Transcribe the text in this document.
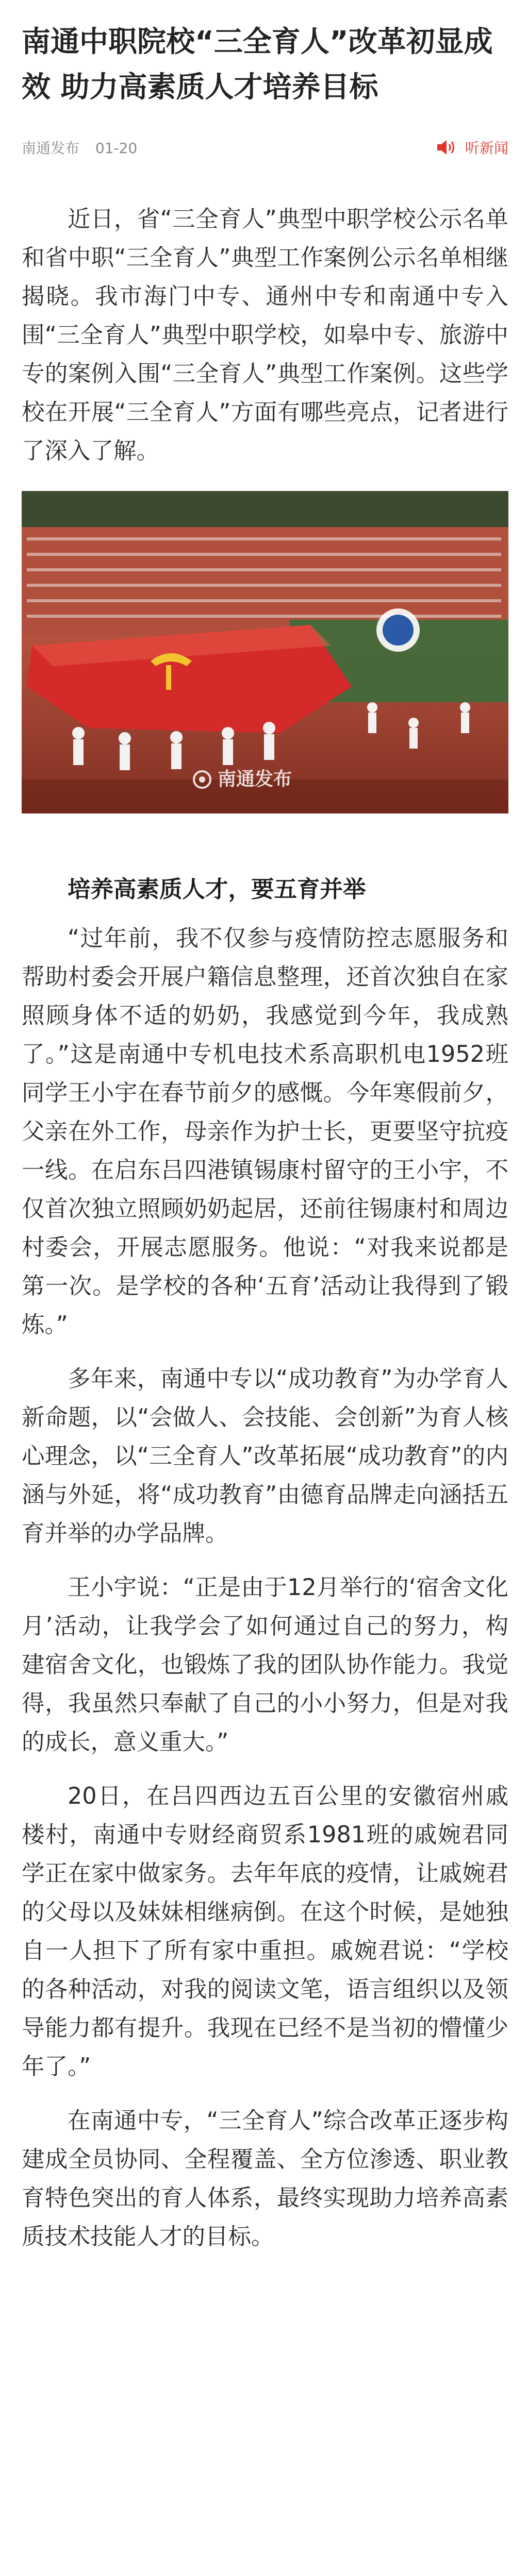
南通中职院校“三全育人”改革初显成效 助力高素质人才培养目标
南通发布 01-20	听新闻

近日，省“三全育人”典型中职学校公示名单和省中职“三全育人”典型工作案例公示名单相继揭晓。我市海门中专、通州中专和南通中专入围“三全育人”典型中职学校，如皋中专、旅游中专的案例入围“三全育人”典型工作案例。这些学校在开展“三全育人”方面有哪些亮点，记者进行了深入了解。

南通发布

培养高素质人才，要五育并举

“过年前，我不仅参与疫情防控志愿服务和帮助村委会开展户籍信息整理，还首次独自在家照顾身体不适的奶奶，我感觉到今年，我成熟了。”这是南通中专机电技术系高职机电1952班同学王小宇在春节前夕的感慨。今年寒假前夕，父亲在外工作，母亲作为护士长，更要坚守抗疫一线。在启东吕四港镇锡康村留守的王小宇，不仅首次独立照顾奶奶起居，还前往锡康村和周边村委会，开展志愿服务。他说：“对我来说都是第一次。是学校的各种‘五育’活动让我得到了锻炼。”

多年来，南通中专以“成功教育”为办学育人新命题，以“会做人、会技能、会创新”为育人核心理念，以“三全育人”改革拓展“成功教育”的内涵与外延，将“成功教育”由德育品牌走向涵括五育并举的办学品牌。

王小宇说：“正是由于12月举行的‘宿舍文化月’活动，让我学会了如何通过自己的努力，构建宿舍文化，也锻炼了我的团队协作能力。我觉得，我虽然只奉献了自己的小小努力，但是对我的成长，意义重大。”

20日，在吕四西边五百公里的安徽宿州戚楼村，南通中专财经商贸系1981班的戚婉君同学正在家中做家务。去年年底的疫情，让戚婉君的父母以及妹妹相继病倒。在这个时候，是她独自一人担下了所有家中重担。戚婉君说：“学校的各种活动，对我的阅读文笔，语言组织以及领导能力都有提升。我现在已经不是当初的懵懂少年了。”

在南通中专，“三全育人”综合改革正逐步构建成全员协同、全程覆盖、全方位渗透、职业教育特色突出的育人体系，最终实现助力培养高素质技术技能人才的目标。
